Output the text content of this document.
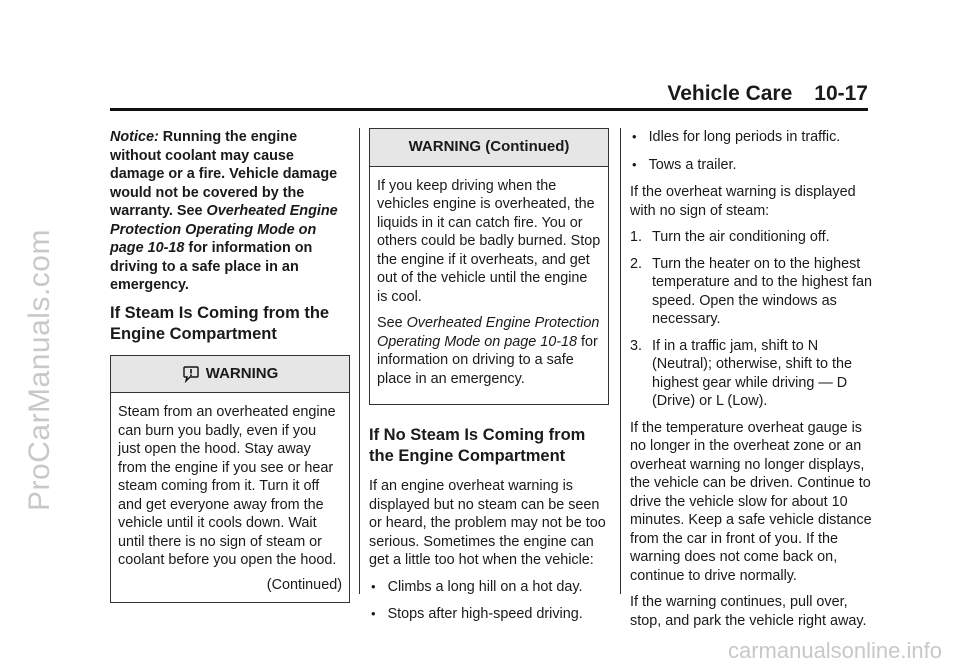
ProCarManuals.com
Vehicle Care 10-17

Notice: Running the engine without coolant may cause damage or a fire. Vehicle damage would not be covered by the warranty. See Overheated Engine Protection Operating Mode on page 10-18 for information on driving to a safe place in an emergency.

If Steam Is Coming from the Engine Compartment
WARNING

Steam from an overheated engine can burn you badly, even if you just open the hood. Stay away from the engine if you see or hear steam coming from it. Turn it off and get everyone away from the vehicle until it cools down. Wait until there is no sign of steam or coolant before you open the hood.

(Continued)
WARNING (Continued)

If you keep driving when the vehicles engine is overheated, the liquids in it can catch fire. You or others could be badly burned. Stop the engine if it overheats, and get out of the vehicle until the engine is cool.

See Overheated Engine Protection Operating Mode on page 10-18 for information on driving to a safe place in an emergency.

If No Steam Is Coming from the Engine Compartment

If an engine overheat warning is displayed but no steam can be seen or heard, the problem may not be too serious. Sometimes the engine can get a little too hot when the vehicle:

• Climbs a long hill on a hot day.
• Stops after high-speed driving.
• Idles for long periods in traffic.
• Tows a trailer.

If the overheat warning is displayed with no sign of steam:

1. Turn the air conditioning off.
2. Turn the heater on to the highest temperature and to the highest fan speed. Open the windows as necessary.
3. If in a traffic jam, shift to N (Neutral); otherwise, shift to the highest gear while driving — D (Drive) or L (Low).

If the temperature overheat gauge is no longer in the overheat zone or an overheat warning no longer displays, the vehicle can be driven. Continue to drive the vehicle slow for about 10 minutes. Keep a safe vehicle distance from the car in front of you. If the warning does not come back on, continue to drive normally.

If the warning continues, pull over, stop, and park the vehicle right away.

carmanualsonline.info
